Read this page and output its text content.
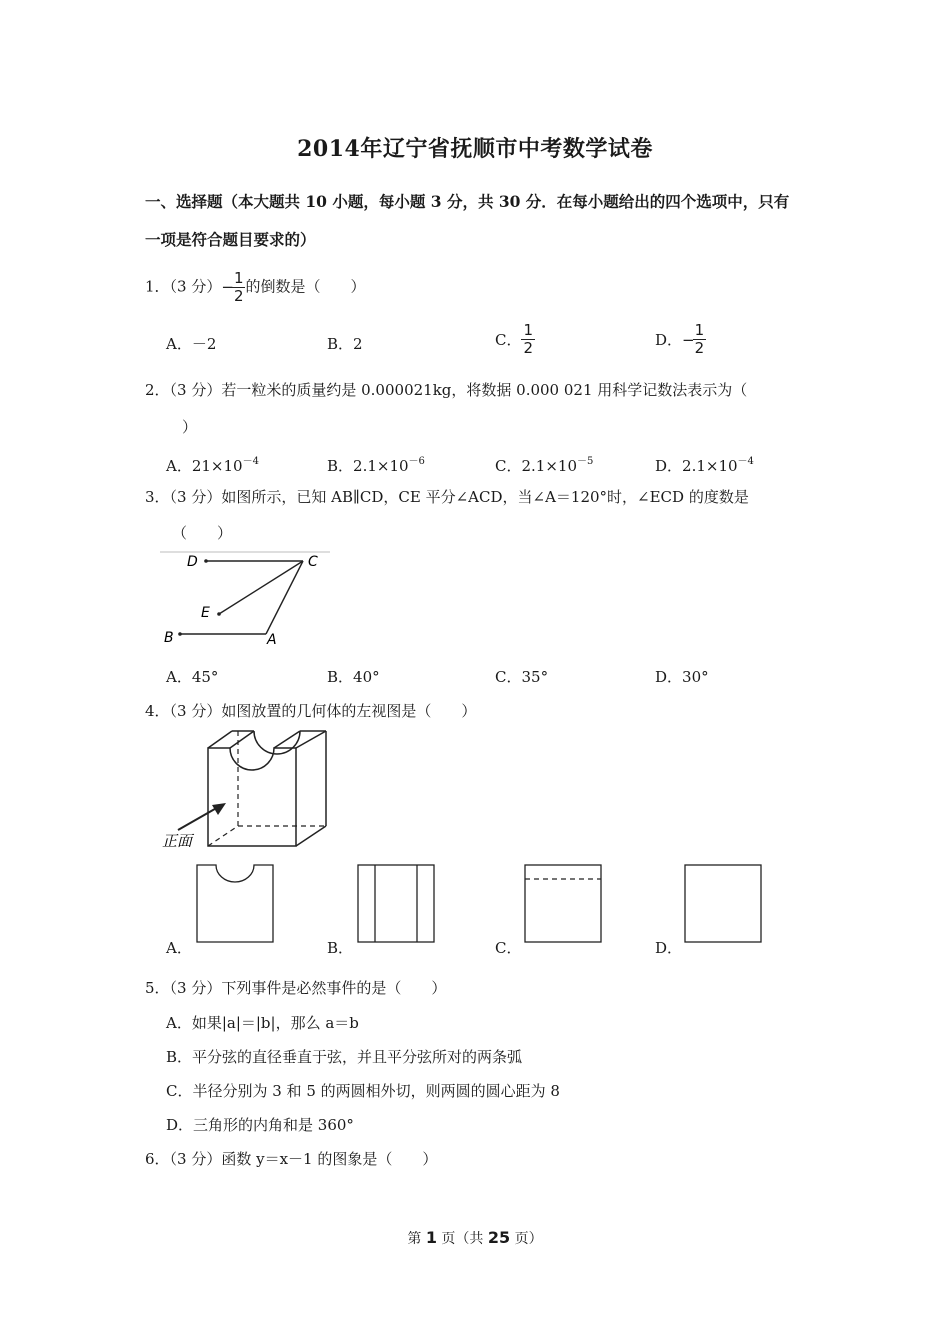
2014年辽宁省抚顺市中考数学试卷
一、选择题（本大题共 10 小题，每小题 3 分，共 30 分．在每小题给出的四个选项中，只有
一项是符合题目要求的）
1．（3 分）−
$\frac{1}{2}$ 的倒数是（　　）
A．－2	B．2	C． $\frac{1}{2}$	D．−
$\frac{1}{2}$
2．（3 分）若一粒米的质量约是 0.000021kg，将数据 0.000 021 用科学记数法表示为（
）
A．$21\times 10^{-4}$	B．$2.1\times 10^{-6}$	C．$2.1\times 10^{-5}$	D．$2.1\times 10^{-4}$
3．（3 分）如图所示，已知 AB∥CD，CE 平分∠ACD，当∠A＝120°时，∠ECD 的度数是
（　　）
D	C
E
B	A
A．45°	B．40°	C．35°	D．30°
4．（3 分）如图放置的几何体的左视图是（　　）
正面
A．	B．	C．	D．
5．（3 分）下列事件是必然事件的是（　　）
A．如果|a|＝|b|，那么 a＝b
B．平分弦的直径垂直于弦，并且平分弦所对的两条弧
C．半径分别为 3 和 5 的两圆相外切，则两圆的圆心距为 8
D．三角形的内角和是 360°
6．（3 分）函数 y＝x－1 的图象是（　　）
第 1 页（共 25 页）
